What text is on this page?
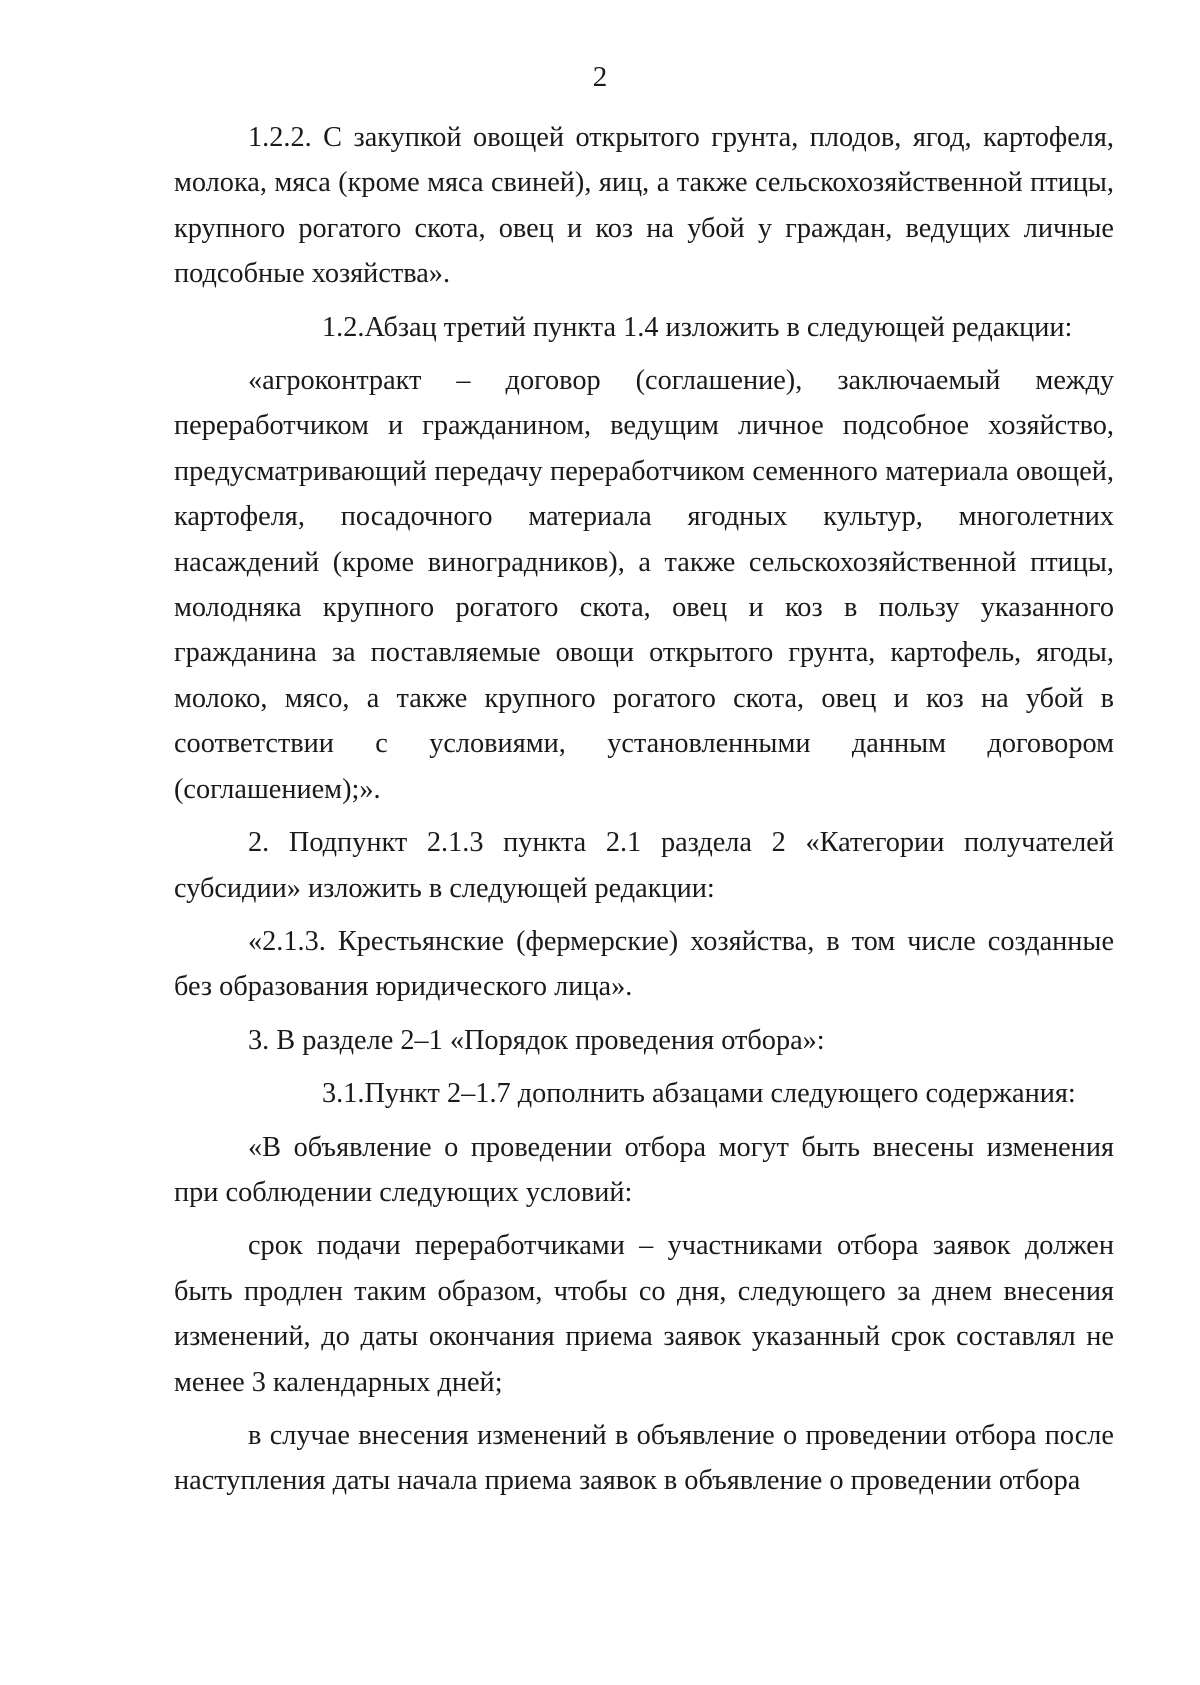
2

1.2.2. С закупкой овощей открытого грунта, плодов, ягод, картофеля, молока, мяса (кроме мяса свиней), яиц, а также сельскохозяйственной птицы, крупного рогатого скота, овец и коз на убой у граждан, ведущих личные подсобные хозяйства».

1.2.Абзац третий пункта 1.4 изложить в следующей редакции:

«агроконтракт – договор (соглашение), заключаемый между переработчиком и гражданином, ведущим личное подсобное хозяйство, предусматривающий передачу переработчиком семенного материала овощей, картофеля, посадочного материала ягодных культур, многолетних насаждений (кроме виноградников), а также сельскохозяйственной птицы, молодняка крупного рогатого скота, овец и коз в пользу указанного гражданина за поставляемые овощи открытого грунта, картофель, ягоды, молоко, мясо, а также крупного рогатого скота, овец и коз на убой в соответствии с условиями, установленными данным договором (соглашением);».

2. Подпункт 2.1.3 пункта 2.1 раздела 2 «Категории получателей субсидии» изложить в следующей редакции:

«2.1.3. Крестьянские (фермерские) хозяйства, в том числе созданные без образования юридического лица».

3. В разделе 2–1 «Порядок проведения отбора»:

3.1.Пункт 2–1.7 дополнить абзацами следующего содержания:

«В объявление о проведении отбора могут быть внесены изменения при соблюдении следующих условий:

срок подачи переработчиками – участниками отбора заявок должен быть продлен таким образом, чтобы со дня, следующего за днем внесения изменений, до даты окончания приема заявок указанный срок составлял не менее 3 календарных дней;

в случае внесения изменений в объявление о проведении отбора после наступления даты начала приема заявок в объявление о проведении отбора
